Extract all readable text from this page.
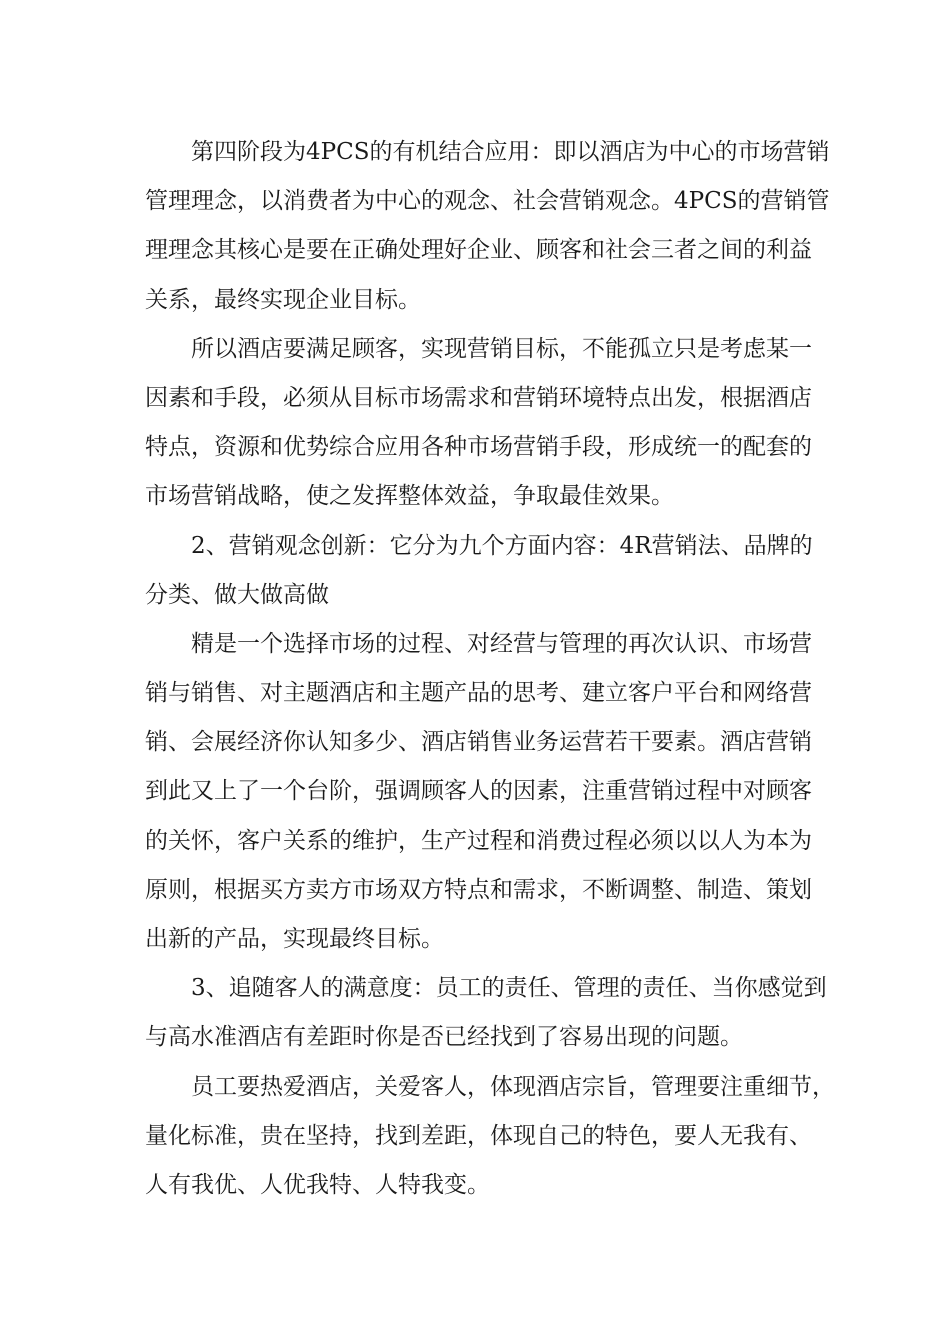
第四阶段为4PCS的有机结合应用：即以酒店为中心的市场营销
管理理念，以消费者为中心的观念、社会营销观念。4PCS的营销管
理理念其核心是要在正确处理好企业、顾客和社会三者之间的利益
关系，最终实现企业目标。
所以酒店要满足顾客，实现营销目标，不能孤立只是考虑某一
因素和手段，必须从目标市场需求和营销环境特点出发，根据酒店
特点，资源和优势综合应用各种市场营销手段，形成统一的配套的
市场营销战略，使之发挥整体效益，争取最佳效果。
2、营销观念创新：它分为九个方面内容：4R营销法、品牌的
分类、做大做高做
精是一个选择市场的过程、对经营与管理的再次认识、市场营
销与销售、对主题酒店和主题产品的思考、建立客户平台和网络营
销、会展经济你认知多少、酒店销售业务运营若干要素。酒店营销
到此又上了一个台阶，强调顾客人的因素，注重营销过程中对顾客
的关怀，客户关系的维护，生产过程和消费过程必须以以人为本为
原则，根据买方卖方市场双方特点和需求，不断调整、制造、策划
出新的产品，实现最终目标。
3、追随客人的满意度：员工的责任、管理的责任、当你感觉到
与高水准酒店有差距时你是否已经找到了容易出现的问题。
员工要热爱酒店，关爱客人，体现酒店宗旨，管理要注重细节，
量化标准，贵在坚持，找到差距，体现自己的特色，要人无我有、
人有我优、人优我特、人特我变。
